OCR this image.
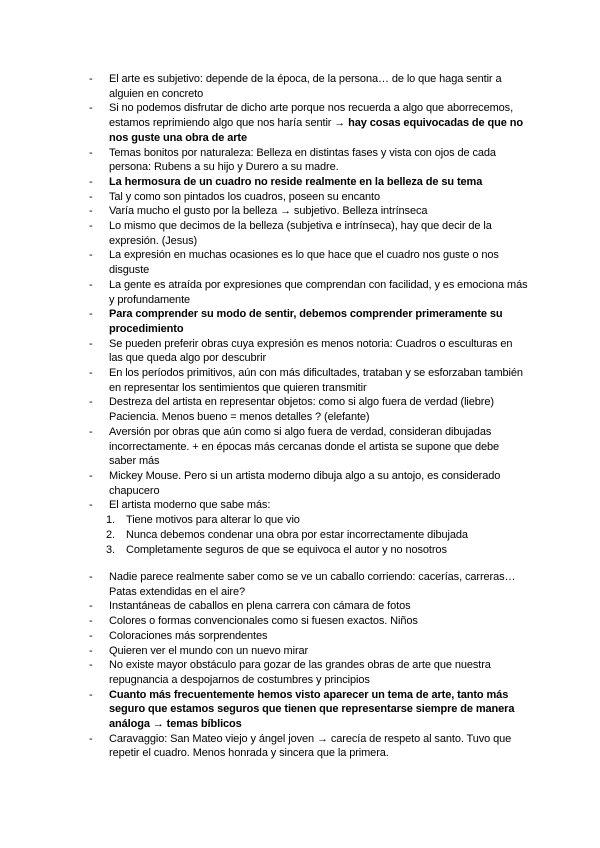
-	El arte es subjetivo: depende de la época, de la persona… de lo que haga sentir a alguien en concreto
-	Si no podemos disfrutar de dicho arte porque nos recuerda a algo que aborrecemos, estamos reprimiendo algo que nos haría sentir → hay cosas equivocadas de que no nos guste una obra de arte
-	Temas bonitos por naturaleza: Belleza en distintas fases y vista con ojos de cada persona: Rubens a su hijo y Durero a su madre.
-	La hermosura de un cuadro no reside realmente en la belleza de su tema
-	Tal y como son pintados los cuadros, poseen su encanto
-	Varía mucho el gusto por la belleza → subjetivo. Belleza intrínseca
-	Lo mismo que decimos de la belleza (subjetiva e intrínseca), hay que decir de la expresión. (Jesus)
-	La expresión en muchas ocasiones es lo que hace que el cuadro nos guste o nos disguste
-	La gente es atraída por expresiones que comprendan con facilidad, y es emociona más y profundamente
-	Para comprender su modo de sentir, debemos comprender primeramente su procedimiento
-	Se pueden preferir obras cuya expresión es menos notoria: Cuadros o esculturas en las que queda algo por descubrir
-	En los períodos primitivos, aún con más dificultades, trataban y se esforzaban también en representar los sentimientos que quieren transmitir
-	Destreza del artista en representar objetos: como si algo fuera de verdad (liebre) Paciencia. Menos bueno = menos detalles ? (elefante)
-	Aversión por obras que aún como si algo fuera de verdad, consideran dibujadas incorrectamente. + en épocas más cercanas donde el artista se supone que debe saber más
-	Mickey Mouse. Pero si un artista moderno dibuja algo a su antojo, es considerado chapucero
-	El artista moderno que sabe más:
1. Tiene motivos para alterar lo que vio
2. Nunca debemos condenar una obra por estar incorrectamente dibujada
3. Completamente seguros de que se equivoca el autor y no nosotros
-	Nadie parece realmente saber como se ve un caballo corriendo: cacerías, carreras… Patas extendidas en el aire?
-	Instantáneas de caballos en plena carrera con cámara de fotos
-	Colores o formas convencionales como si fuesen exactos. Niños
-	Coloraciones más sorprendentes
-	Quieren ver el mundo con un nuevo mirar
-	No existe mayor obstáculo para gozar de las grandes obras de arte que nuestra repugnancia a despojarnos de costumbres y principios
-	Cuanto más frecuentemente hemos visto aparecer un tema de arte, tanto más seguro que estamos seguros que tienen que representarse siempre de manera análoga → temas bíblicos
-	Caravaggio: San Mateo viejo y ángel joven → carecía de respeto al santo. Tuvo que repetir el cuadro. Menos honrada y sincera que la primera.
